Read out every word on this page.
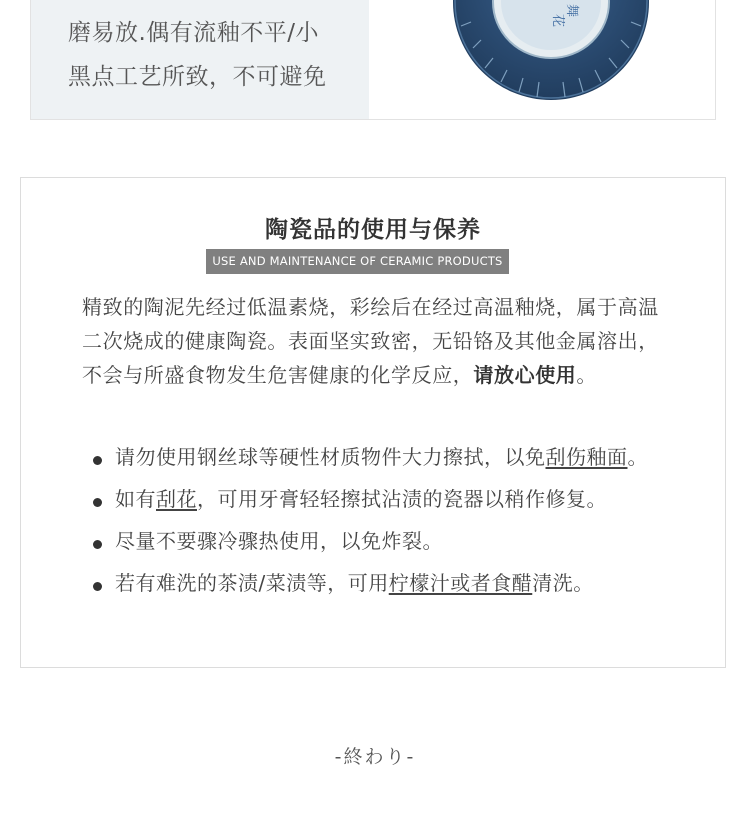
磨易放.偶有流釉不平/小
黑点工艺所致，不可避免
花
舞
陶瓷品的使用与保养
USE AND MAINTENANCE OF CERAMIC PRODUCTS
精致的陶泥先经过低温素烧，彩绘后在经过高温釉烧，属于高温二次烧成的健康陶瓷。表面坚实致密，无铅铬及其他金属溶出，不会与所盛食物发生危害健康的化学反应，请放心使用。
请勿使用钢丝球等硬性材质物件大力擦拭，以免刮伤釉面。
如有刮花，可用牙膏轻轻擦拭沾渍的瓷器以稍作修复。
尽量不要骤冷骤热使用，以免炸裂。
若有难洗的茶渍/菜渍等，可用柠檬汁或者食醋清洗。
-終わり-
